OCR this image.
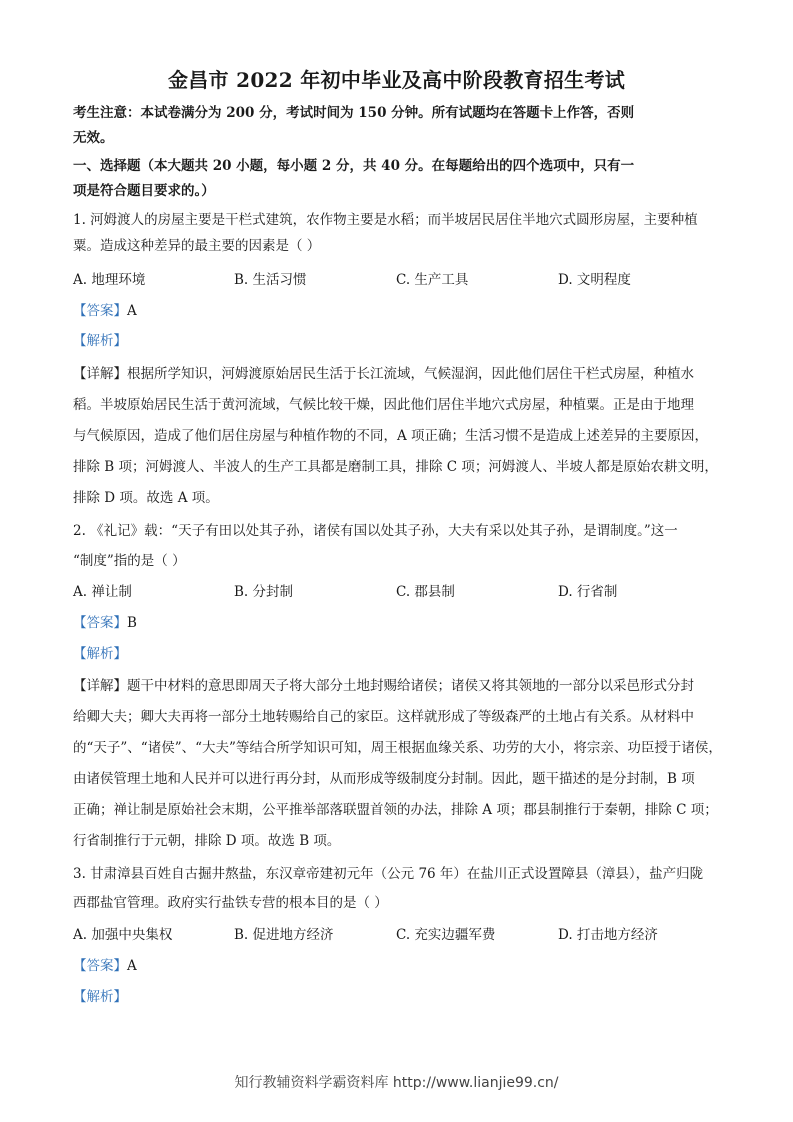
金昌市 2022 年初中毕业及高中阶段教育招生考试
考生注意：本试卷满分为 200 分，考试时间为 150 分钟。所有试题均在答题卡上作答，否则
无效。
一、选择题（本大题共 20 小题，每小题 2 分，共 40 分。在每题给出的四个选项中，只有一
项是符合题目要求的。）
1. 河姆渡人的房屋主要是干栏式建筑，农作物主要是水稻；而半坡居民居住半地穴式圆形房屋，主要种植
粟。造成这种差异的最主要的因素是（ ）
A. 地理环境	B. 生活习惯	C. 生产工具	D. 文明程度
【答案】A
【解析】
【详解】根据所学知识，河姆渡原始居民生活于长江流域，气候湿润，因此他们居住干栏式房屋，种植水
稻。半坡原始居民生活于黄河流域，气候比较干燥，因此他们居住半地穴式房屋，种植粟。正是由于地理
与气候原因，造成了他们居住房屋与种植作物的不同，A 项正确；生活习惯不是造成上述差异的主要原因，
排除 B 项；河姆渡人、半波人的生产工具都是磨制工具，排除 C 项；河姆渡人、半坡人都是原始农耕文明，
排除 D 项。故选 A 项。
2. 《礼记》载：“天子有田以处其子孙，诸侯有国以处其子孙，大夫有采以处其子孙，是谓制度。”这一
“制度”指的是（ ）
A. 禅让制	B. 分封制	C. 郡县制	D. 行省制
【答案】B
【解析】
【详解】题干中材料的意思即周天子将大部分土地封赐给诸侯；诸侯又将其领地的一部分以采邑形式分封
给卿大夫；卿大夫再将一部分土地转赐给自己的家臣。这样就形成了等级森严的土地占有关系。从材料中
的“天子”、“诸侯”、“大夫”等结合所学知识可知，周王根据血缘关系、功劳的大小，将宗亲、功臣授于诸侯，
由诸侯管理土地和人民并可以进行再分封，从而形成等级制度分封制。因此，题干描述的是分封制，B 项
正确；禅让制是原始社会末期，公平推举部落联盟首领的办法，排除 A 项；郡县制推行于秦朝，排除 C 项；
行省制推行于元朝，排除 D 项。故选 B 项。
3. 甘肃漳县百姓自古掘井熬盐，东汉章帝建初元年（公元 76 年）在盐川正式设置障县（漳县），盐产归陇
西郡盐官管理。政府实行盐铁专营的根本目的是（ ）
A. 加强中央集权	B. 促进地方经济	C. 充实边疆军费	D. 打击地方经济
【答案】A
【解析】
知行教辅资料学霸资料库 http://www.lianjie99.cn/
